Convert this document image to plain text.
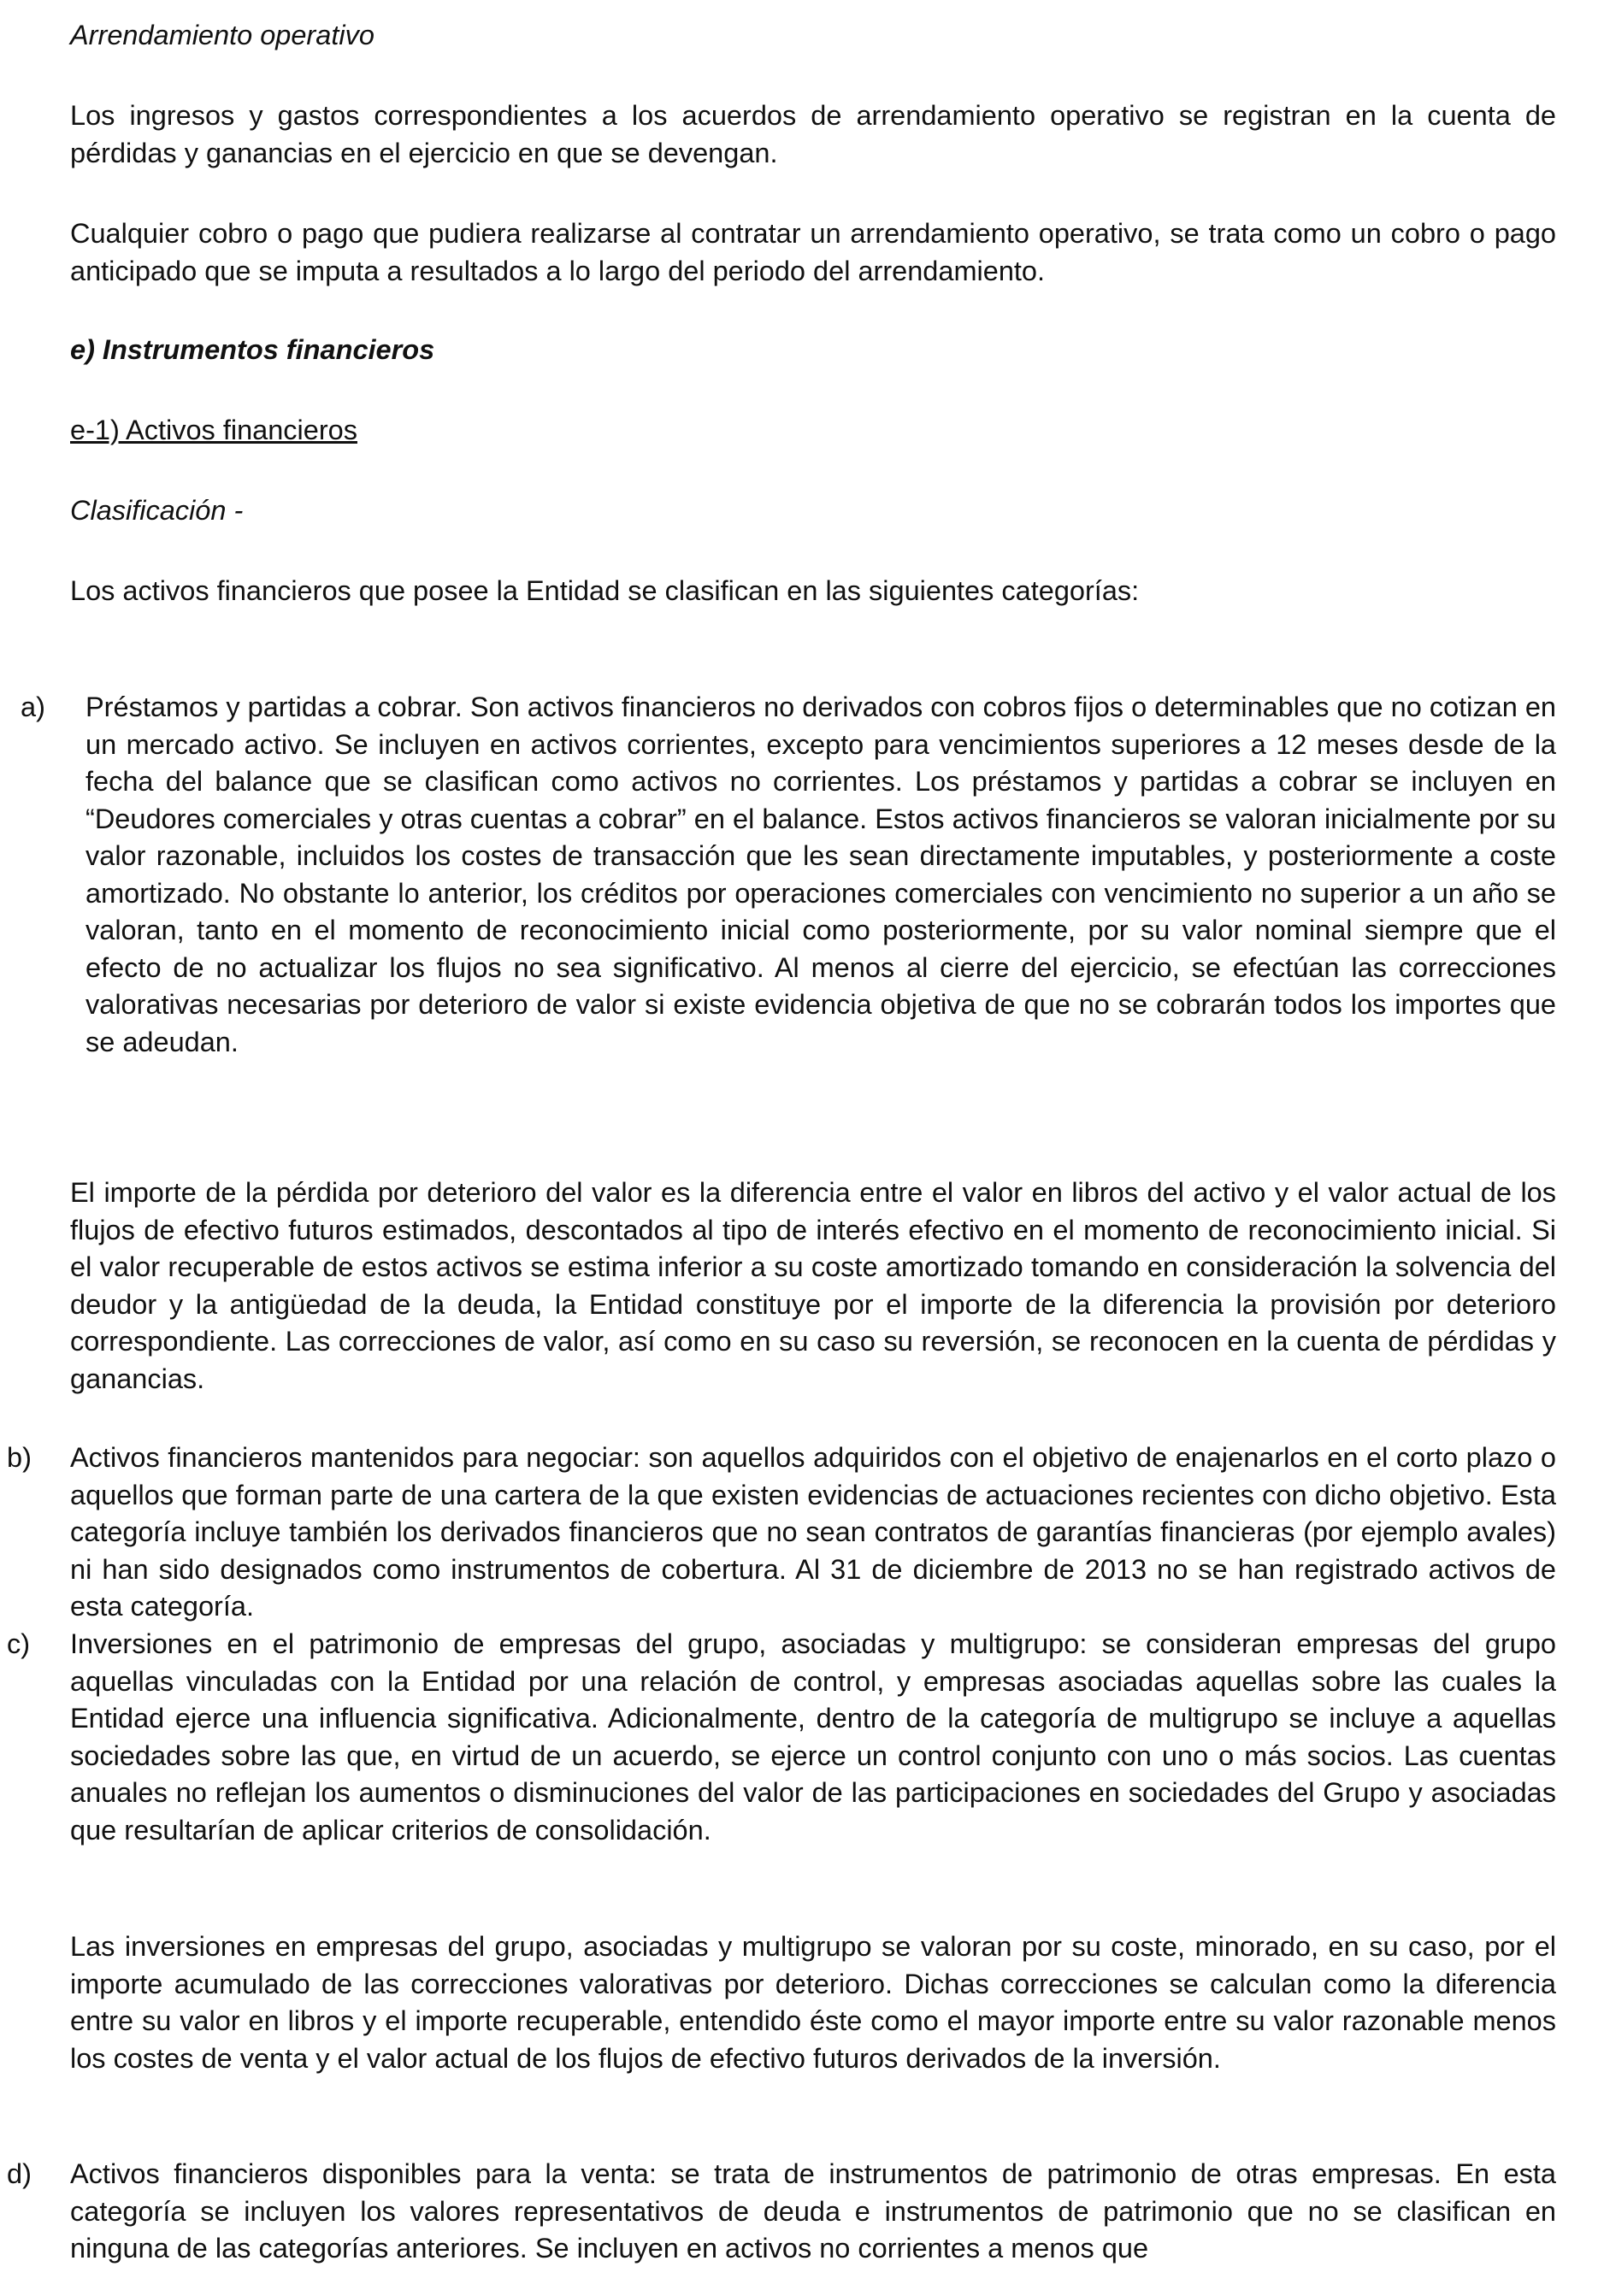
Arrendamiento operativo

Los ingresos y gastos correspondientes a los acuerdos de arrendamiento operativo se registran en la cuenta de pérdidas y ganancias en el ejercicio en que se devengan.

Cualquier cobro o pago que pudiera realizarse al contratar un arrendamiento operativo, se trata como un cobro o pago anticipado que se imputa a resultados a lo largo del periodo del arrendamiento.

e) Instrumentos financieros

e-1) Activos financieros

Clasificación -

Los activos financieros que posee la Entidad se clasifican en las siguientes categorías:

a) Préstamos y partidas a cobrar. Son activos financieros no derivados con cobros fijos o determinables que no cotizan en un mercado activo. Se incluyen en activos corrientes, excepto para vencimientos superiores a 12 meses desde de la fecha del balance que se clasifican como activos no corrientes. Los préstamos y partidas a cobrar se incluyen en “Deudores comerciales y otras cuentas a cobrar” en el balance. Estos activos financieros se valoran inicialmente por su valor razonable, incluidos los costes de transacción que les sean directamente imputables, y posteriormente a coste amortizado. No obstante lo anterior, los créditos por operaciones comerciales con vencimiento no superior a un año se valoran, tanto en el momento de reconocimiento inicial como posteriormente, por su valor nominal siempre que el efecto de no actualizar los flujos no sea significativo. Al menos al cierre del ejercicio, se efectúan las correcciones valorativas necesarias por deterioro de valor si existe evidencia objetiva de que no se cobrarán todos los importes que se adeudan.

El importe de la pérdida por deterioro del valor es la diferencia entre el valor en libros del activo y el valor actual de los flujos de efectivo futuros estimados, descontados al tipo de interés efectivo en el momento de reconocimiento inicial. Si el valor recuperable de estos activos se estima inferior a su coste amortizado tomando en consideración la solvencia del deudor y la antigüedad de la deuda, la Entidad constituye por el importe de la diferencia la provisión por deterioro correspondiente. Las correcciones de valor, así como en su caso su reversión, se reconocen en la cuenta de pérdidas y ganancias.

b) Activos financieros mantenidos para negociar: son aquellos adquiridos con el objetivo de enajenarlos en el corto plazo o aquellos que forman parte de una cartera de la que existen evidencias de actuaciones recientes con dicho objetivo. Esta categoría incluye también los derivados financieros que no sean contratos de garantías financieras (por ejemplo avales) ni han sido designados como instrumentos de cobertura. Al 31 de diciembre de 2013 no se han registrado activos de esta categoría.

c) Inversiones en el patrimonio de empresas del grupo, asociadas y multigrupo: se consideran empresas del grupo aquellas vinculadas con la Entidad por una relación de control, y empresas asociadas aquellas sobre las cuales la Entidad ejerce una influencia significativa. Adicionalmente, dentro de la categoría de multigrupo se incluye a aquellas sociedades sobre las que, en virtud de un acuerdo, se ejerce un control conjunto con uno o más socios. Las cuentas anuales no reflejan los aumentos o disminuciones del valor de las participaciones en sociedades del Grupo y asociadas que resultarían de aplicar criterios de consolidación.

Las inversiones en empresas del grupo, asociadas y multigrupo se valoran por su coste, minorado, en su caso, por el importe acumulado de las correcciones valorativas por deterioro. Dichas correcciones se calculan como la diferencia entre su valor en libros y el importe recuperable, entendido éste como el mayor importe entre su valor razonable menos los costes de venta y el valor actual de los flujos de efectivo futuros derivados de la inversión.

d) Activos financieros disponibles para la venta: se trata de instrumentos de patrimonio de otras empresas. En esta categoría se incluyen los valores representativos de deuda e instrumentos de patrimonio que no se clasifican en ninguna de las categorías anteriores. Se incluyen en activos no corrientes a menos que
